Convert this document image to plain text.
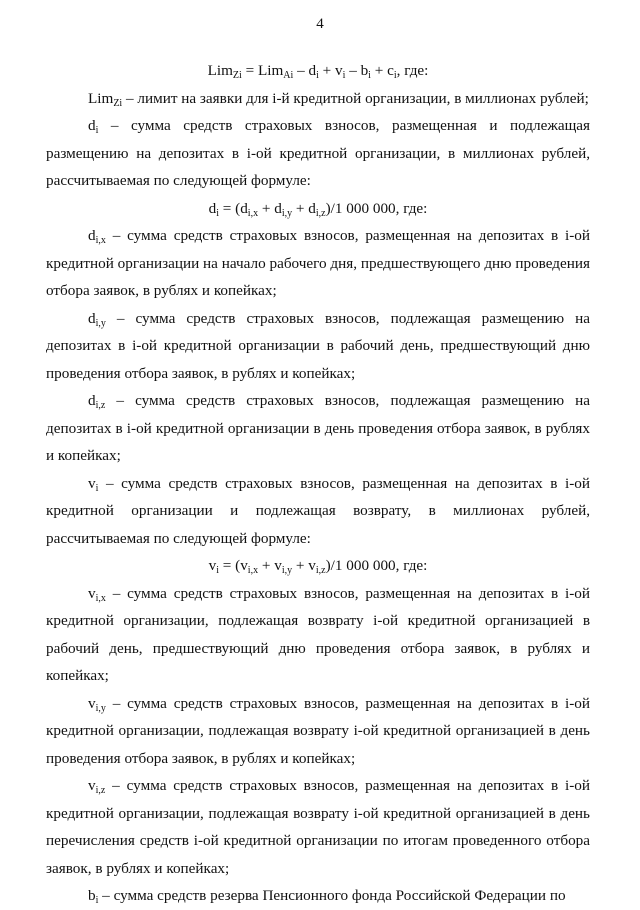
4

$Lim_{Zi} = Lim_{Ai} - d_i + v_i - b_i + c_i$, где:

Lim$_{Zi}$ – лимит на заявки для i-й кредитной организации, в миллионах рублей;

$d_i$ – сумма средств страховых взносов, размещенная и подлежащая размещению на депозитах в i-ой кредитной организации, в миллионах рублей, рассчитываемая по следующей формуле:

$d_i = (d_{i,x} + d_{i,y} + d_{i,z})/1$ 000 000, где:

$d_{i,x}$ – сумма средств страховых взносов, размещенная на депозитах в i-ой кредитной организации на начало рабочего дня, предшествующего дню проведения отбора заявок, в рублях и копейках;

$d_{i,y}$ – сумма средств страховых взносов, подлежащая размещению на депозитах в i-ой кредитной организации в рабочий день, предшествующий дню проведения отбора заявок, в рублях и копейках;

$d_{i,z}$ – сумма средств страховых взносов, подлежащая размещению на депозитах в i-ой кредитной организации в день проведения отбора заявок, в рублях и копейках;

$v_i$ – сумма средств страховых взносов, размещенная на депозитах в i-ой кредитной организации и подлежащая возврату, в миллионах рублей, рассчитываемая по следующей формуле:

$v_i = (v_{i,x} + v_{i,y} + v_{i,z})/1$ 000 000, где:

$v_{i,x}$ – сумма средств страховых взносов, размещенная на депозитах в i-ой кредитной организации, подлежащая возврату i-ой кредитной организацией в рабочий день, предшествующий дню проведения отбора заявок, в рублях и копейках;

$v_{i,y}$ – сумма средств страховых взносов, размещенная на депозитах в i-ой кредитной организации, подлежащая возврату i-ой кредитной организацией в день проведения отбора заявок, в рублях и копейках;

$v_{i,z}$ – сумма средств страховых взносов, размещенная на депозитах в i-ой кредитной организации, подлежащая возврату i-ой кредитной организацией в день перечисления средств i-ой кредитной организации по итогам проведенного отбора заявок, в рублях и копейках;

$b_i$ – сумма средств резерва Пенсионного фонда Российской Федерации по
